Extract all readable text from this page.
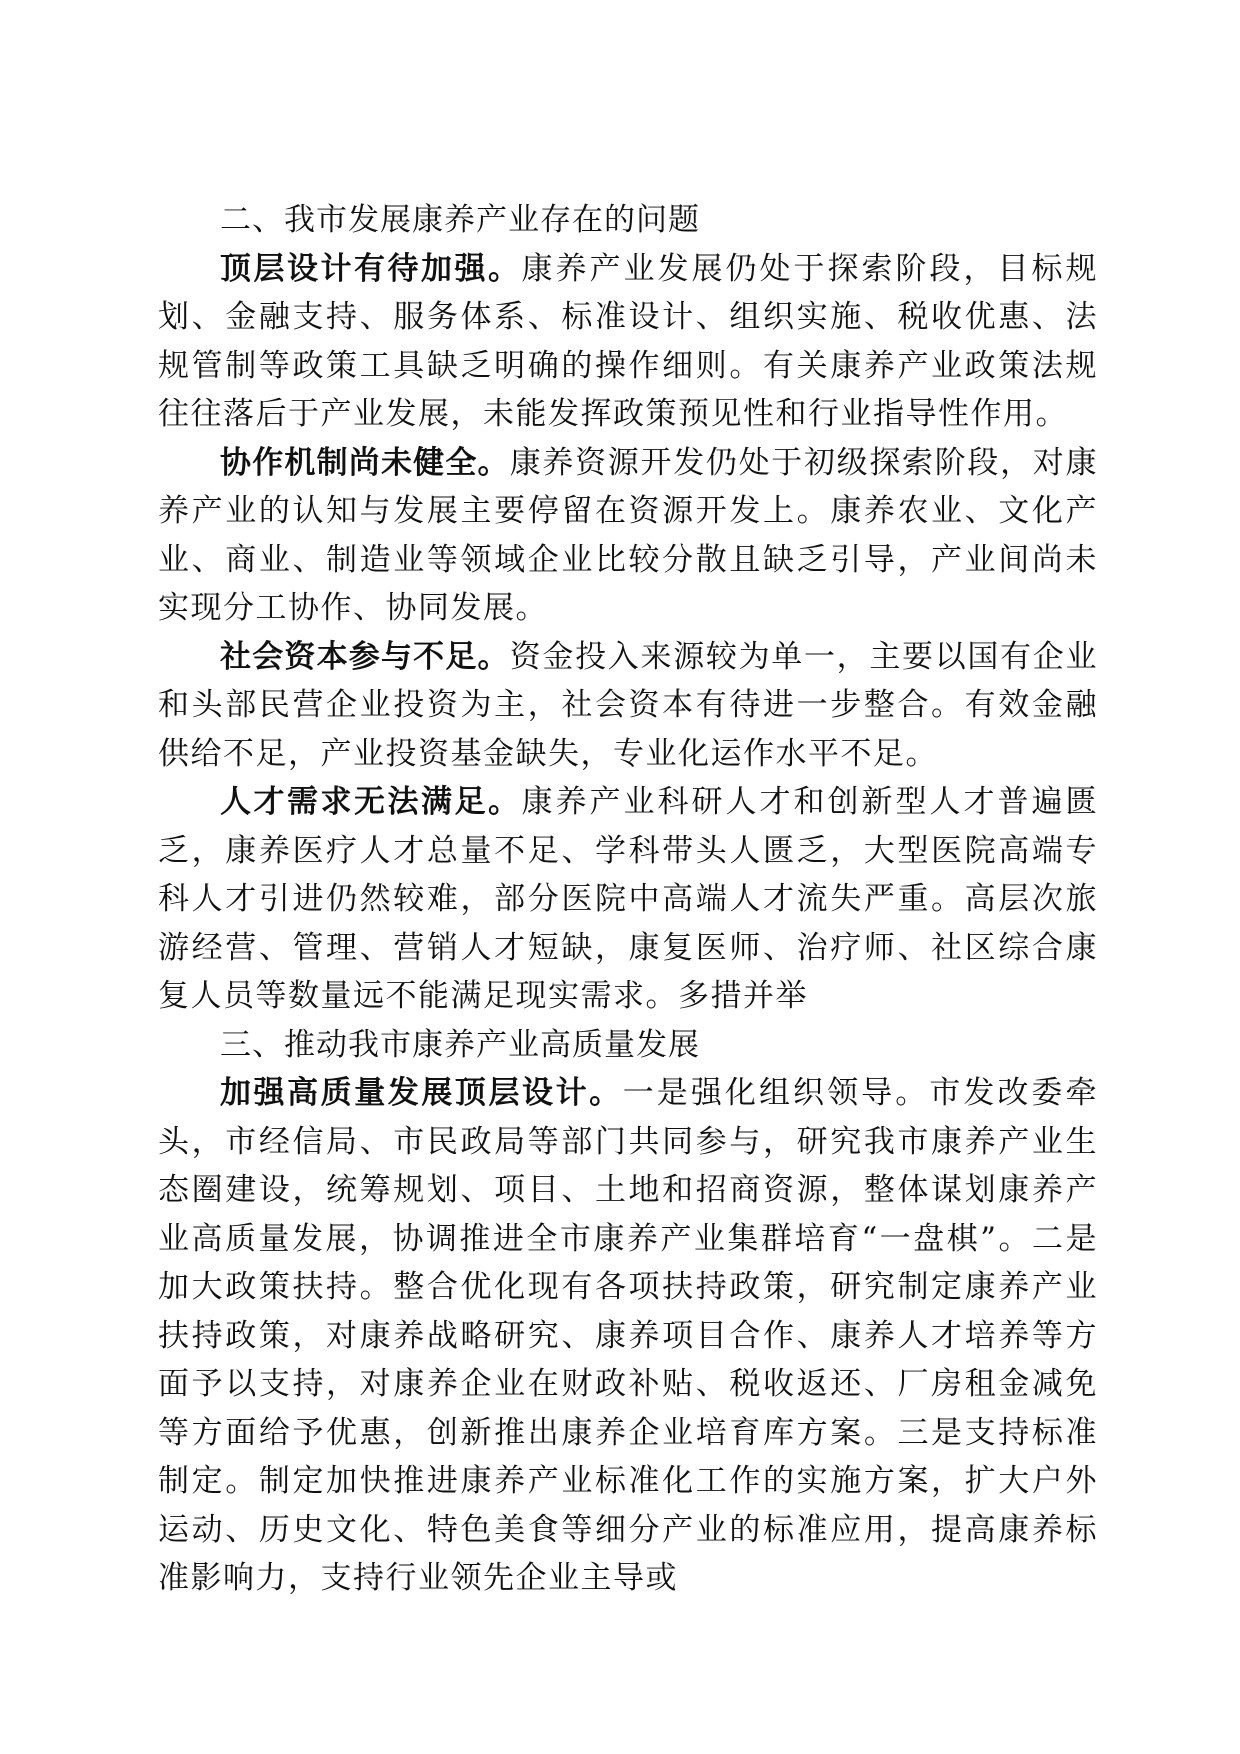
二、我市发展康养产业存在的问题

顶层设计有待加强。康养产业发展仍处于探索阶段，目标规划、金融支持、服务体系、标准设计、组织实施、税收优惠、法规管制等政策工具缺乏明确的操作细则。有关康养产业政策法规往往落后于产业发展，未能发挥政策预见性和行业指导性作用。

协作机制尚未健全。康养资源开发仍处于初级探索阶段，对康养产业的认知与发展主要停留在资源开发上。康养农业、文化产业、商业、制造业等领域企业比较分散且缺乏引导，产业间尚未实现分工协作、协同发展。

社会资本参与不足。资金投入来源较为单一，主要以国有企业和头部民营企业投资为主，社会资本有待进一步整合。有效金融供给不足，产业投资基金缺失，专业化运作水平不足。

人才需求无法满足。康养产业科研人才和创新型人才普遍匮乏，康养医疗人才总量不足、学科带头人匮乏，大型医院高端专科人才引进仍然较难，部分医院中高端人才流失严重。高层次旅游经营、管理、营销人才短缺，康复医师、治疗师、社区综合康复人员等数量远不能满足现实需求。多措并举

三、推动我市康养产业高质量发展

加强高质量发展顶层设计。一是强化组织领导。市发改委牵头，市经信局、市民政局等部门共同参与，研究我市康养产业生态圈建设，统筹规划、项目、土地和招商资源，整体谋划康养产业高质量发展，协调推进全市康养产业集群培育“一盘棋”。二是加大政策扶持。整合优化现有各项扶持政策，研究制定康养产业扶持政策，对康养战略研究、康养项目合作、康养人才培养等方面予以支持，对康养企业在财政补贴、税收返还、厂房租金减免等方面给予优惠，创新推出康养企业培育库方案。三是支持标准制定。制定加快推进康养产业标准化工作的实施方案，扩大户外运动、历史文化、特色美食等细分产业的标准应用，提高康养标准影响力，支持行业领先企业主导或
